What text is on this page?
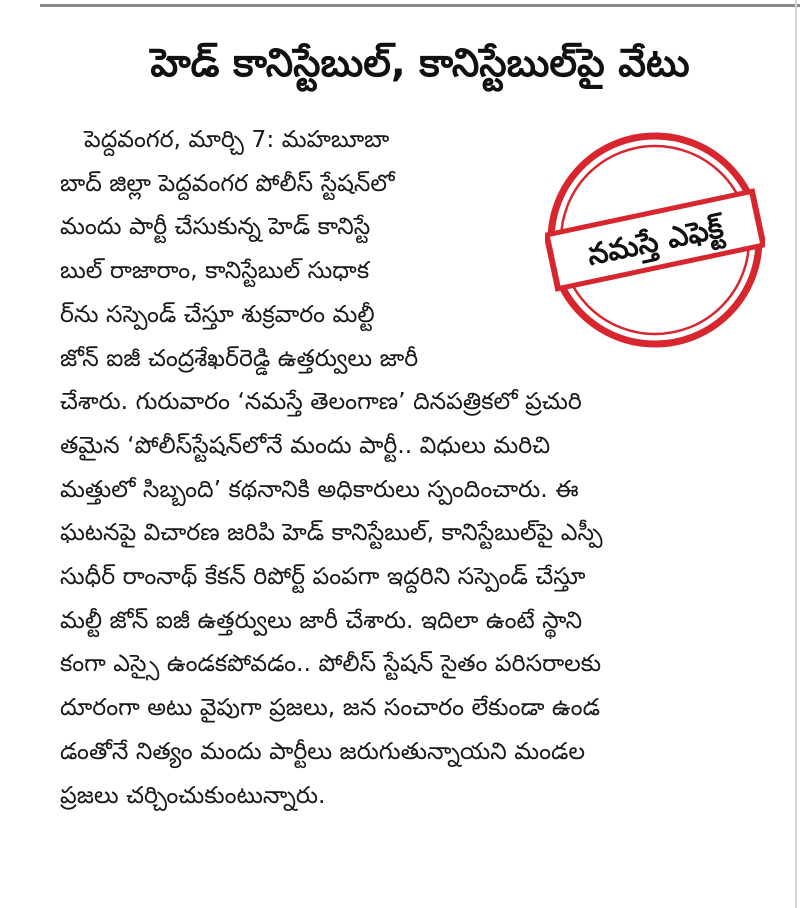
హెడ్ కానిస్టేబుల్, కానిస్టేబుల్‌పై వేటు
పెద్దవంగర, మార్చి 7: మహబూబా
బాద్ జిల్లా పెద్దవంగర పోలీస్ స్టేషన్‌లో
మందు పార్టీ చేసుకున్న హెడ్ కానిస్టే
బుల్ రాజారాం, కానిస్టేబుల్ సుధాక
ర్‌ను సస్పెండ్ చేస్తూ శుక్రవారం మల్టీ
జోన్ ఐజీ చంద్రశేఖర్‌రెడ్డి ఉత్తర్వులు జారీ
చేశారు. గురువారం ‘నమస్తే తెలంగాణ’ దినపత్రికలో ప్రచురి
తమైన ‘పోలీస్‌స్టేషన్‌లోనే మందు పార్టీ.. విధులు మరిచి
మత్తులో సిబ్బంది’ కథనానికి అధికారులు స్పందించారు. ఈ
ఘటనపై విచారణ జరిపి హెడ్ కానిస్టేబుల్, కానిస్టేబుల్‌పై ఎస్పీ
సుధీర్ రాంనాథ్ కేకన్ రిపోర్ట్ పంపగా ఇద్దరిని సస్పెండ్ చేస్తూ
మల్టీ జోన్ ఐజీ ఉత్తర్వులు జారీ చేశారు. ఇదిలా ఉంటే స్థాని
కంగా ఎస్సై ఉండకపోవడం.. పోలీస్ స్టేషన్ సైతం పరిసరాలకు
దూరంగా అటు వైపుగా ప్రజలు, జన సంచారం లేకుండా ఉండ
డంతోనే నిత్యం మందు పార్టీలు జరుగుతున్నాయని మండల
ప్రజలు చర్చించుకుంటున్నారు.
నమస్తే ఎఫెక్ట్
